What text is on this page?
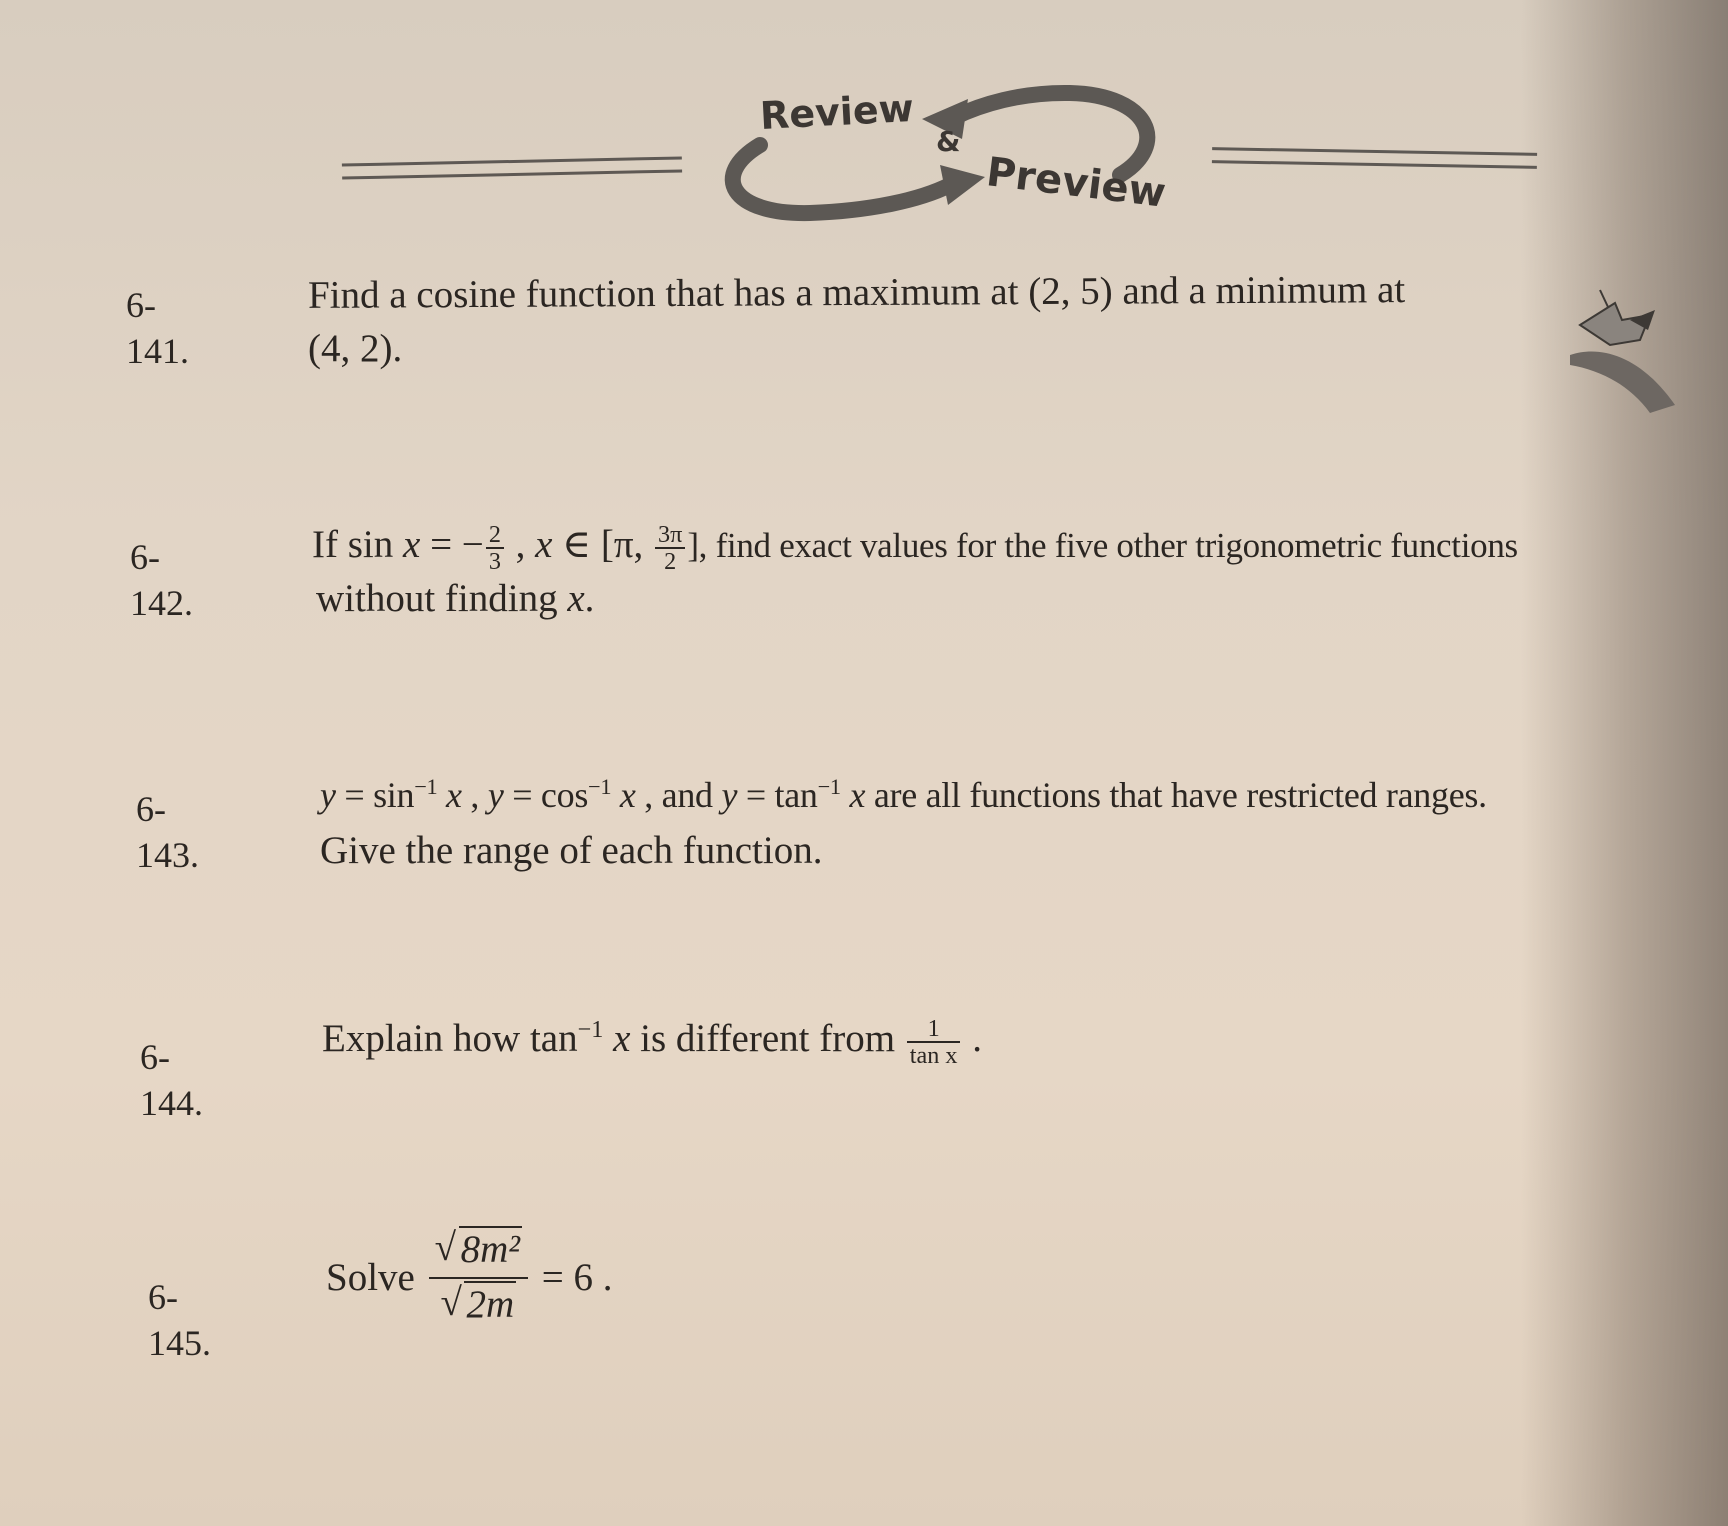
Review
&
Preview
6-141.
Find a cosine function that has a maximum at (2, 5) and a minimum at
(4, 2).
6-142.
If sin x = − $\frac{2}{3}$ , x ∈ [π, $\frac{3\pi}{2}$ ], find exact values for the five other trigonometric functions
without finding x.
6-143.
$y = \sin^{-1} x$ , $y = \cos^{-1} x$ , and $y = \tan^{-1} x$ are all functions that have restricted ranges.
Give the range of each function.
6-144.
Explain how $\tan^{-1} x$ is different from $\frac{1}{\text{tan x}}$ .
6-145.
Solve
√ 8m²
√ 2m = 6 .
